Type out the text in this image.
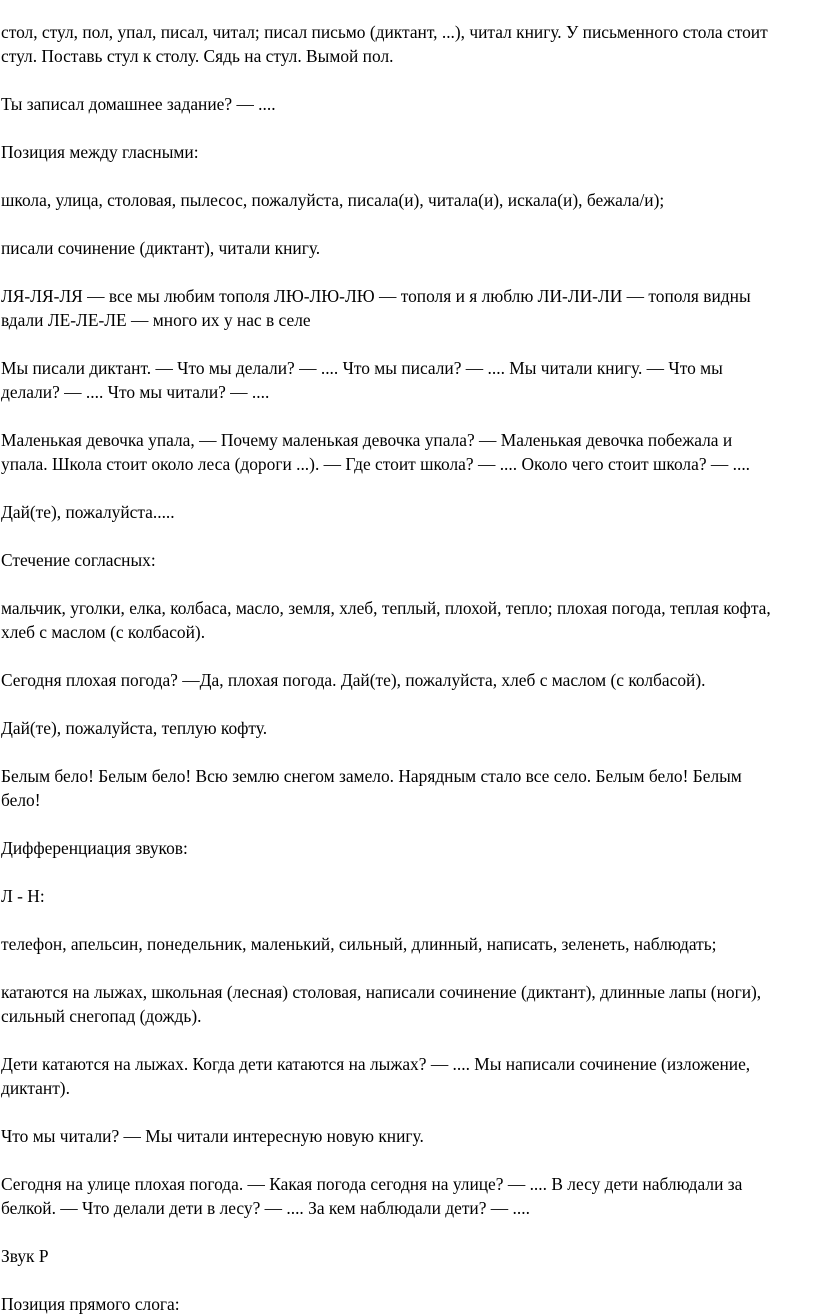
стол, стул, пол, упал, писал, читал; писал письмо (диктант, ...), читал книгу. У письменного стола стоит стул. Поставь стул к столу. Сядь на стул. Вымой пол.

Ты записал домашнее задание? — ....

Позиция между гласными:

школа, улица, столовая, пылесос, пожалуйста, писала(и), читала(и), искала(и), бежала/и);

писали сочинение (диктант), читали книгу.

ЛЯ-ЛЯ-ЛЯ — все мы любим тополя ЛЮ-ЛЮ-ЛЮ — тополя и я люблю ЛИ-ЛИ-ЛИ — тополя видны вдали ЛЕ-ЛЕ-ЛЕ — много их у нас в селе

Мы писали диктант. — Что мы делали? — .... Что мы писали? — .... Мы читали книгу. — Что мы делали? — .... Что мы читали? — ....

Маленькая девочка упала, — Почему маленькая девочка упала? — Маленькая девочка побежала и упала. Школа стоит около леса (дороги ...). — Где стоит школа? — .... Около чего стоит школа? — ....

Дай(те), пожалуйста.....

Стечение согласных:

мальчик, уголки, елка, колбаса, масло, земля, хлеб, теплый, плохой, тепло; плохая погода, теплая кофта, хлеб с маслом (с колбасой).

Сегодня плохая погода? —Да, плохая погода. Дай(те), пожалуйста, хлеб с маслом (с колбасой).

Дай(те), пожалуйста, теплую кофту.

Белым бело! Белым бело! Всю землю снегом замело. Нарядным стало все село. Белым бело! Белым бело!

Дифференциация звуков:

Л - Н:

телефон, апельсин, понедельник, маленький, сильный, длинный, написать, зеленеть, наблюдать;

катаются на лыжах, школьная (лесная) столовая, написали сочинение (диктант), длинные лапы (ноги), сильный снегопад (дождь).

Дети катаются на лыжах. Когда дети катаются на лыжах? — .... Мы написали сочинение (изложение, диктант).

Что мы читали? — Мы читали интересную новую книгу.

Сегодня на улице плохая погода. — Какая погода сегодня на улице? — .... В лесу дети наблюдали за белкой. — Что делали дети в лесу? — .... За кем наблюдали дети? — ....

Звук Р

Позиция прямого слога:
